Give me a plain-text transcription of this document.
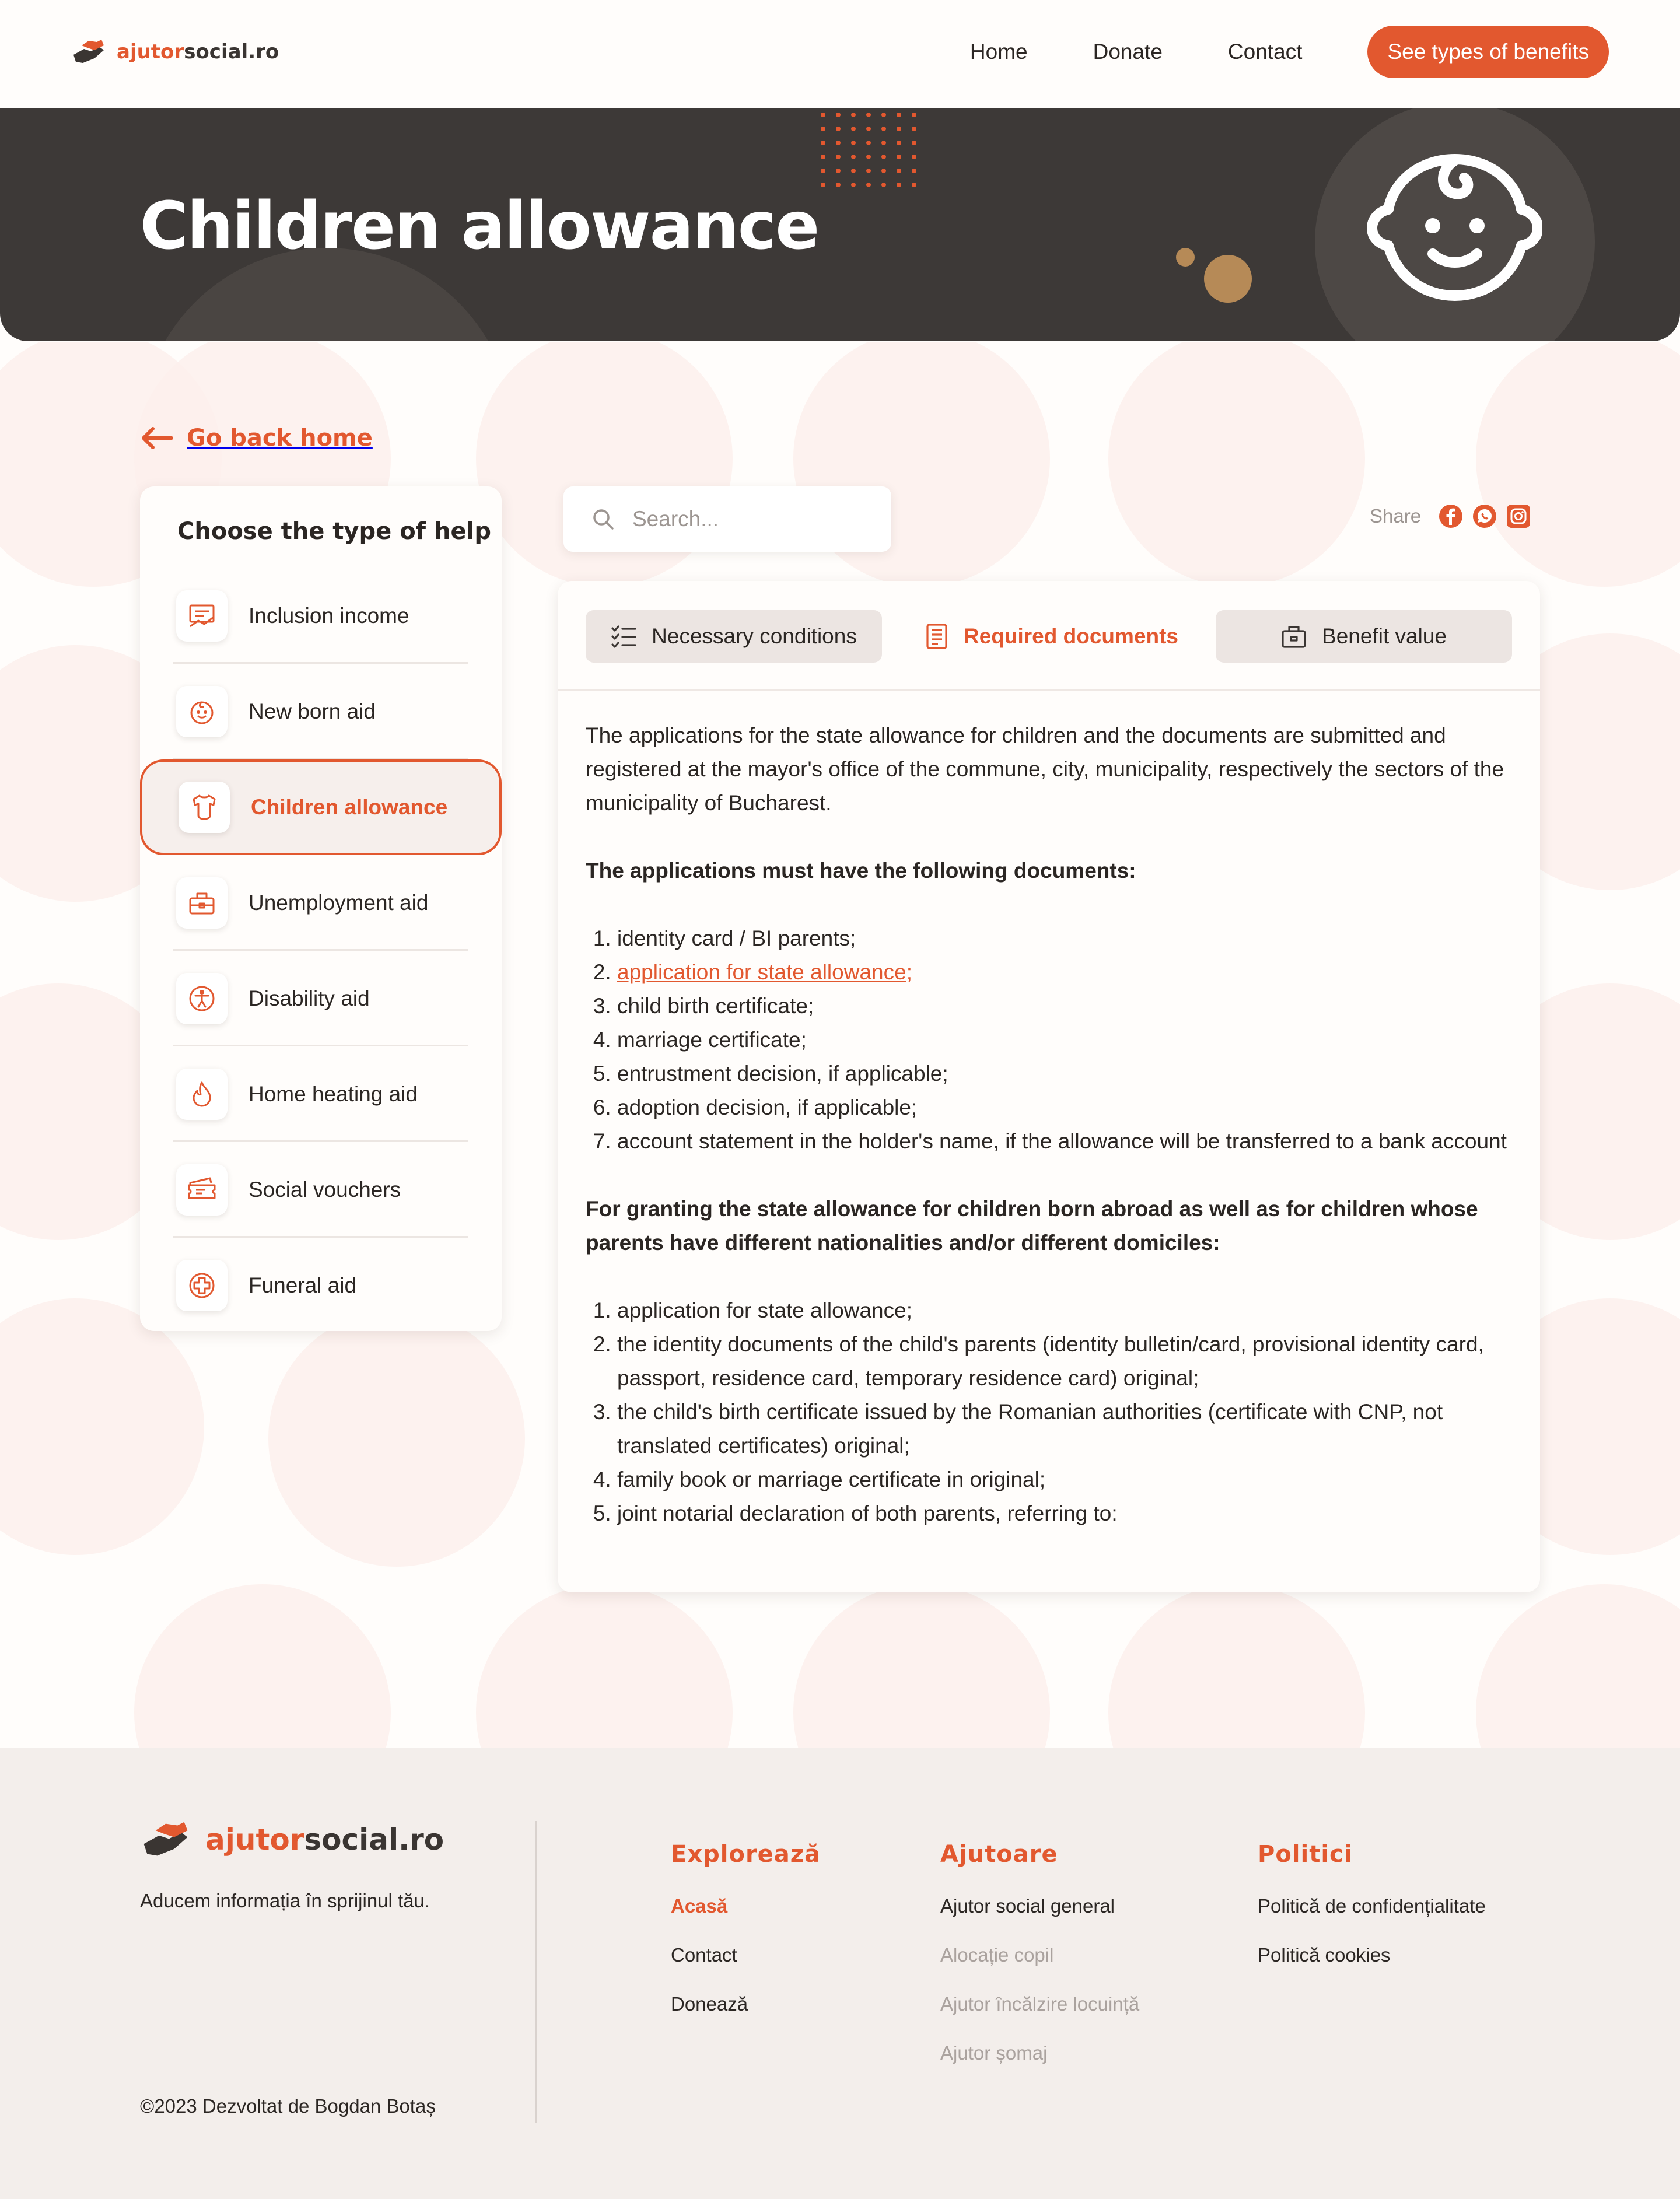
ajutorsocial.ro	Home	Donate	Contact	See types of benefits
Children allowance
Go back home
Choose the type of help
Inclusion income
New born aid
Children allowance
Unemployment aid
Disability aid
Home heating aid
Social vouchers
Funeral aid
Search...
Share
Necessary conditions	Required documents	Benefit value

The applications for the state allowance for children and the documents are submitted and registered at the mayor's office of the commune, city, municipality, respectively the sectors of the municipality of Bucharest.

The applications must have the following documents:

1. identity card / BI parents;
2. application for state allowance;
3. child birth certificate;
4. marriage certificate;
5. entrustment decision, if applicable;
6. adoption decision, if applicable;
7. account statement in the holder's name, if the allowance will be transferred to a bank account

For granting the state allowance for children born abroad as well as for children whose parents have different nationalities and/or different domiciles:

1. application for state allowance;
2. the identity documents of the child's parents (identity bulletin/card, provisional identity card, passport, residence card, temporary residence card) original;
3. the child's birth certificate issued by the Romanian authorities (certificate with CNP, not translated certificates) original;
4. family book or marriage certificate in original;
5. joint notarial declaration of both parents, referring to:
ajutorsocial.ro
Aducem informația în sprijinul tău.
©2023 Dezvoltat de Bogdan Botaș
Explorează
Acasă
Contact
Donează
Ajutoare
Ajutor social general
Alocație copil
Ajutor încălzire locuință
Ajutor șomaj
Politici
Politică de confidențialitate
Politică cookies
